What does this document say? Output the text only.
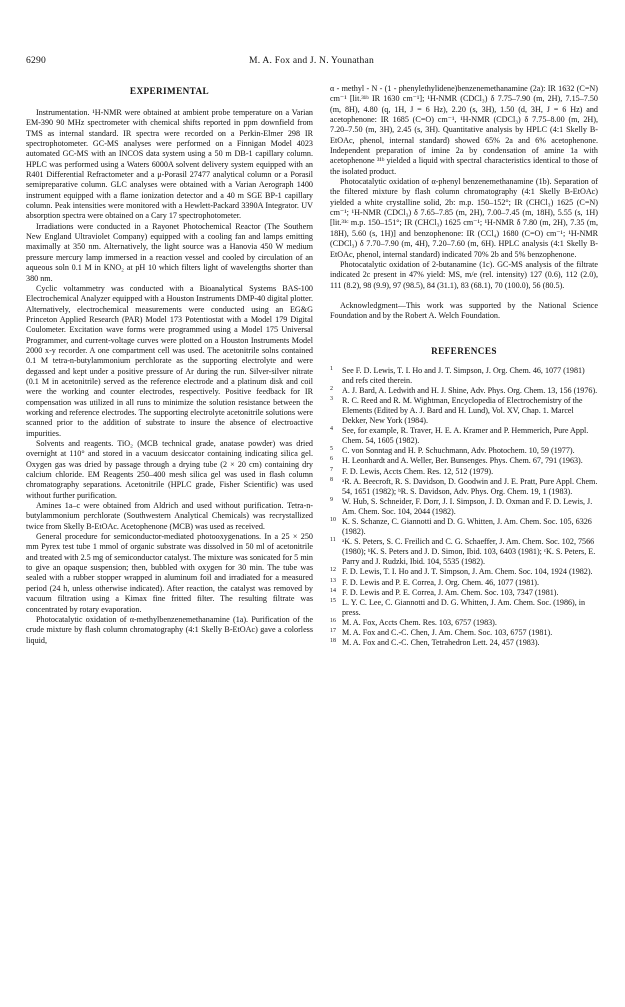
6290	M. A. Fox and J. N. Younathan
EXPERIMENTAL

Instrumentation. ¹H-NMR were obtained at ambient probe temperature on a Varian EM-390 90 MHz spectrometer with chemical shifts reported in ppm downfield from TMS as internal standard. IR spectra were recorded on a Perkin-Elmer 298 IR spectrophotometer. GC-MS analyses were performed on a Finnigan Model 4023 automated GC-MS with an INCOS data system using a 50 m DB-1 capillary column. HPLC was performed using a Waters 6000A solvent delivery system equipped with an R401 Differential Refractometer and a μ-Porasil 27477 analytical column or a Porasil semipreparative column. GLC analyses were obtained with a Varian Aerograph 1400 instrument equipped with a flame ionization detector and a 40 m SGE BP-1 capillary column. Peak intensities were monitored with a Hewlett-Packard 3390A Integrator. UV absorption spectra were obtained on a Cary 17 spectrophotometer.

Irradiations were conducted in a Rayonet Photochemical Reactor (The Southern New England Ultraviolet Company) equipped with a cooling fan and lamps emitting maximally at 350 nm. Alternatively, the light source was a Hanovia 450 W medium pressure mercury lamp immersed in a reaction vessel and cooled by circulation of an aqueous soln 0.1 M in KNO₂ at pH 10 which filters light of wavelengths shorter than 380 nm.

Cyclic voltammetry was conducted with a Bioanalytical Systems BAS-100 Electrochemical Analyzer equipped with a Houston Instruments DMP-40 digital plotter. Alternatively, electrochemical measurements were conducted using an EG&G Princeton Applied Research (PAR) Model 173 Potentiostat with a Model 179 Digital Coulometer. Excitation wave forms were programmed using a Model 175 Universal Programmer, and current-voltage curves were plotted on a Houston Instruments Model 2000 x-y recorder. A one compartment cell was used. The acetonitrile solns contained 0.1 M tetra-n-butylammonium perchlorate as the supporting electrolyte and were degassed and kept under a positive pressure of Ar during the run. Silver-silver nitrate (0.1 M in acetonitrile) served as the reference electrode and a platinum disk and coil were the working and counter electrodes, respectively. Positive feedback for IR compensation was utilized in all runs to minimize the solution resistance between the working and reference electrodes. The supporting electrolyte acetonitrile solutions were scanned prior to the addition of substrate to insure the absence of electroactive impurities.

Solvents and reagents. TiO₂ (MCB technical grade, anatase powder) was dried overnight at 110° and stored in a vacuum desiccator containing indicating silica gel. Oxygen gas was dried by passage through a drying tube (2 × 20 cm) containing dry calcium chloride. EM Reagents 250–400 mesh silica gel was used in flash column chromatography separations. Acetonitrile (HPLC grade, Fisher Scientific) was used without further purification.

Amines 1a–c were obtained from Aldrich and used without purification. Tetra-n-butylammonium perchlorate (Southwestern Analytical Chemicals) was recrystallized twice from Skelly B-EtOAc. Acetophenone (MCB) was used as received.

General procedure for semiconductor-mediated photooxygenations. In a 25 × 250 mm Pyrex test tube 1 mmol of organic substrate was dissolved in 50 ml of acetonitrile and treated with 2.5 mg of semiconductor catalyst. The mixture was sonicated for 5 min to give an opaque suspension; then, bubbled with oxygen for 30 min. The tube was sealed with a rubber stopper wrapped in aluminum foil and irradiated for a measured period (24 h, unless otherwise indicated). After reaction, the catalyst was removed by vacuum filtration using a Kimax fine fritted filter. The resulting filtrate was concentrated by rotary evaporation.

Photocatalytic oxidation of α-methylbenzenemethanamine (1a). Purification of the crude mixture by flash column chromatography (4:1 Skelly B-EtOAc) gave a colorless liquid,

α - methyl - N - (1 - phenylethylidene)benzenemethanamine (2a): IR 1632 (C=N) cm⁻¹ [lit.³¹ᵇ IR 1630 cm⁻¹]; ¹H-NMR (CDCl₃) δ 7.75–7.90 (m, 2H), 7.15–7.50 (m, 8H), 4.80 (q, 1H, J = 6 Hz), 2.20 (s, 3H), 1.50 (d, 3H, J = 6 Hz) and acetophenone: IR 1685 (C=O) cm⁻¹, ¹H-NMR (CDCl₃) δ 7.75–8.00 (m, 2H), 7.20–7.50 (m, 3H), 2.45 (s, 3H). Quantitative analysis by HPLC (4:1 Skelly B-EtOAc, phenol, internal standard) showed 65% 2a and 6% acetophenone. Independent preparation of imine 2a by condensation of amine 1a with acetophenone ³¹ᵇ yielded a liquid with spectral characteristics identical to those of the isolated product.

Photocatalytic oxidation of α-phenyl benzenemethanamine (1b). Separation of the filtered mixture by flash column chromatography (4:1 Skelly B-EtOAc) yielded a white crystalline solid, 2b: m.p. 150–152°; IR (CHCl₃) 1625 (C=N) cm⁻¹; ¹H-NMR (CDCl₃) δ 7.65–7.85 (m, 2H), 7.00–7.45 (m, 18H), 5.55 (s, 1H) [lit.³¹ᶜ m.p. 150–151°; IR (CHCl₃) 1625 cm⁻¹; ¹H-NMR δ 7.80 (m, 2H), 7.35 (m, 18H), 5.60 (s, 1H)] and benzophenone: IR (CCl₄) 1680 (C=O) cm⁻¹; ¹H-NMR (CDCl₃) δ 7.70–7.90 (m, 4H), 7.20–7.60 (m, 6H). HPLC analysis (4:1 Skelly B-EtOAc, phenol, internal standard) indicated 70% 2b and 5% benzophenone.

Photocatalytic oxidation of 2-butanamine (1c). GC-MS analysis of the filtrate indicated 2c present in 47% yield: MS, m/e (rel. intensity) 127 (0.6), 112 (2.0), 111 (8.2), 98 (9.9), 97 (98.5), 84 (31.1), 83 (68.1), 70 (100.0), 56 (80.5).

Acknowledgment—This work was supported by the National Science Foundation and by the Robert A. Welch Foundation.

REFERENCES
1 See F. D. Lewis, T. I. Ho and J. T. Simpson, J. Org. Chem. 46, 1077 (1981) and refs cited therein.
2 A. J. Bard, A. Ledwith and H. J. Shine, Adv. Phys. Org. Chem. 13, 156 (1976).
3 R. C. Reed and R. M. Wightman, Encyclopedia of Electrochemistry of the Elements (Edited by A. J. Bard and H. Lund), Vol. XV, Chap. 1. Marcel Dekker, New York (1984).
4 See, for example, R. Traver, H. E. A. Kramer and P. Hemmerich, Pure Appl. Chem. 54, 1605 (1982).
5 C. von Sonntag and H. P. Schuchmann, Adv. Photochem. 10, 59 (1977).
6 H. Leonhardt and A. Weller, Ber. Bunsenges. Phys. Chem. 67, 791 (1963).
7 F. D. Lewis, Accts Chem. Res. 12, 512 (1979).
8 ᵃR. A. Beecroft, R. S. Davidson, D. Goodwin and J. E. Pratt, Pure Appl. Chem. 54, 1651 (1982); ᵇR. S. Davidson, Adv. Phys. Org. Chem. 19, 1 (1983).
9 W. Hub, S. Schneider, F. Dorr, J. I. Simpson, J. D. Oxman and F. D. Lewis, J. Am. Chem. Soc. 104, 2044 (1982).
10 K. S. Schanze, C. Giannotti and D. G. Whitten, J. Am. Chem. Soc. 105, 6326 (1982).
11 ᵃK. S. Peters, S. C. Freilich and C. G. Schaeffer, J. Am. Chem. Soc. 102, 7566 (1980); ᵇK. S. Peters and J. D. Simon, Ibid. 103, 6403 (1981); ᶜK. S. Peters, E. Parry and J. Rudzki, Ibid. 104, 5535 (1982).
12 F. D. Lewis, T. I. Ho and J. T. Simpson, J. Am. Chem. Soc. 104, 1924 (1982).
13 F. D. Lewis and P. E. Correa, J. Org. Chem. 46, 1077 (1981).
14 F. D. Lewis and P. E. Correa, J. Am. Chem. Soc. 103, 7347 (1981).
15 L. Y. C. Lee, C. Giannotti and D. G. Whitten, J. Am. Chem. Soc. (1986), in press.
16 M. A. Fox, Accts Chem. Res. 103, 6757 (1983).
17 M. A. Fox and C.-C. Chen, J. Am. Chem. Soc. 103, 6757 (1981).
18 M. A. Fox and C.-C. Chen, Tetrahedron Lett. 24, 457 (1983).
